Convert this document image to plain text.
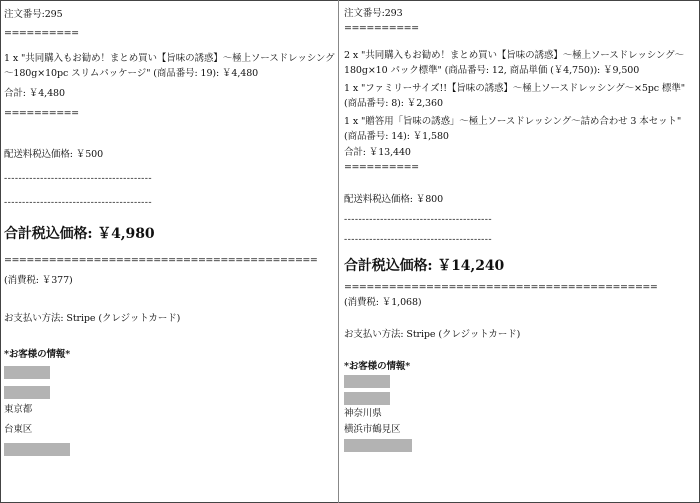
注文番号:295
==========
1 x "共同購入もお勧め！まとめ買い【旨味の誘惑】～極上ソースドレッシング～180g×10pc スリムパッケージ" (商品番号: 19): ￥4,480
合計: ￥4,480
==========
配送料税込価格: ￥500
-----------------------------------------
-----------------------------------------
合計税込価格: ￥4,980
==========================================
(消費税: ￥377)
お支払い方法: Stripe (クレジットカード)
*お客様の情報*
東京都
台東区
注文番号:293
==========
2 x "共同購入もお勧め！まとめ買い【旨味の誘惑】～極上ソースドレッシング～180g×10 パック標準" (商品番号: 12, 商品単価 (￥4,750)): ￥9,500
1 x "ファミリーサイズ!!【旨味の誘惑】～極上ソースドレッシング～×5pc 標準" (商品番号: 8): ￥2,360
1 x "贈答用「旨味の誘惑」～極上ソースドレッシング～詰め合わせ 3 本セット" (商品番号: 14): ￥1,580
合計: ￥13,440
==========
配送料税込価格: ￥800
-----------------------------------------
-----------------------------------------
合計税込価格: ￥14,240
==========================================
(消費税: ￥1,068)
お支払い方法: Stripe (クレジットカード)
*お客様の情報*
神奈川県
横浜市鶴見区
